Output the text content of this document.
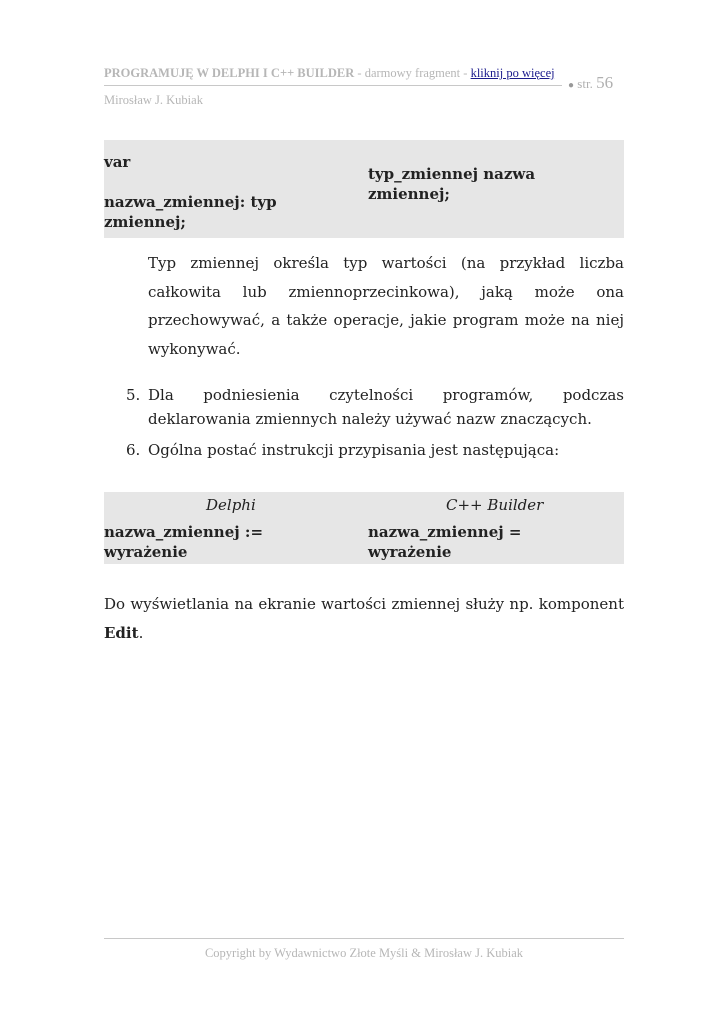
PROGRAMUJĘ W DELPHI I C++ BUILDER - darmowy fragment - kliknij po więcej
● str. 56
Mirosław J. Kubiak
var
nazwa_zmiennej: typ
zmiennej;
typ_zmiennej nazwa
zmiennej;
Typ zmiennej określa typ wartości (na przykład liczba całkowita lub zmiennoprzecinkowa), jaką może ona przechowywać, a także operacje, jakie program może na niej wykonywać.
5. Dla podniesienia czytelności programów, podczas deklarowania zmiennych należy używać nazw znaczących.
6. Ogólna postać instrukcji przypisania jest następująca:
Delphi	C++ Builder
nazwa_zmiennej :=
wyrażenie
nazwa_zmiennej =
wyrażenie
Do wyświetlania na ekranie wartości zmiennej służy np. komponent Edit.
Copyright by Wydawnictwo Złote Myśli & Mirosław J. Kubiak
